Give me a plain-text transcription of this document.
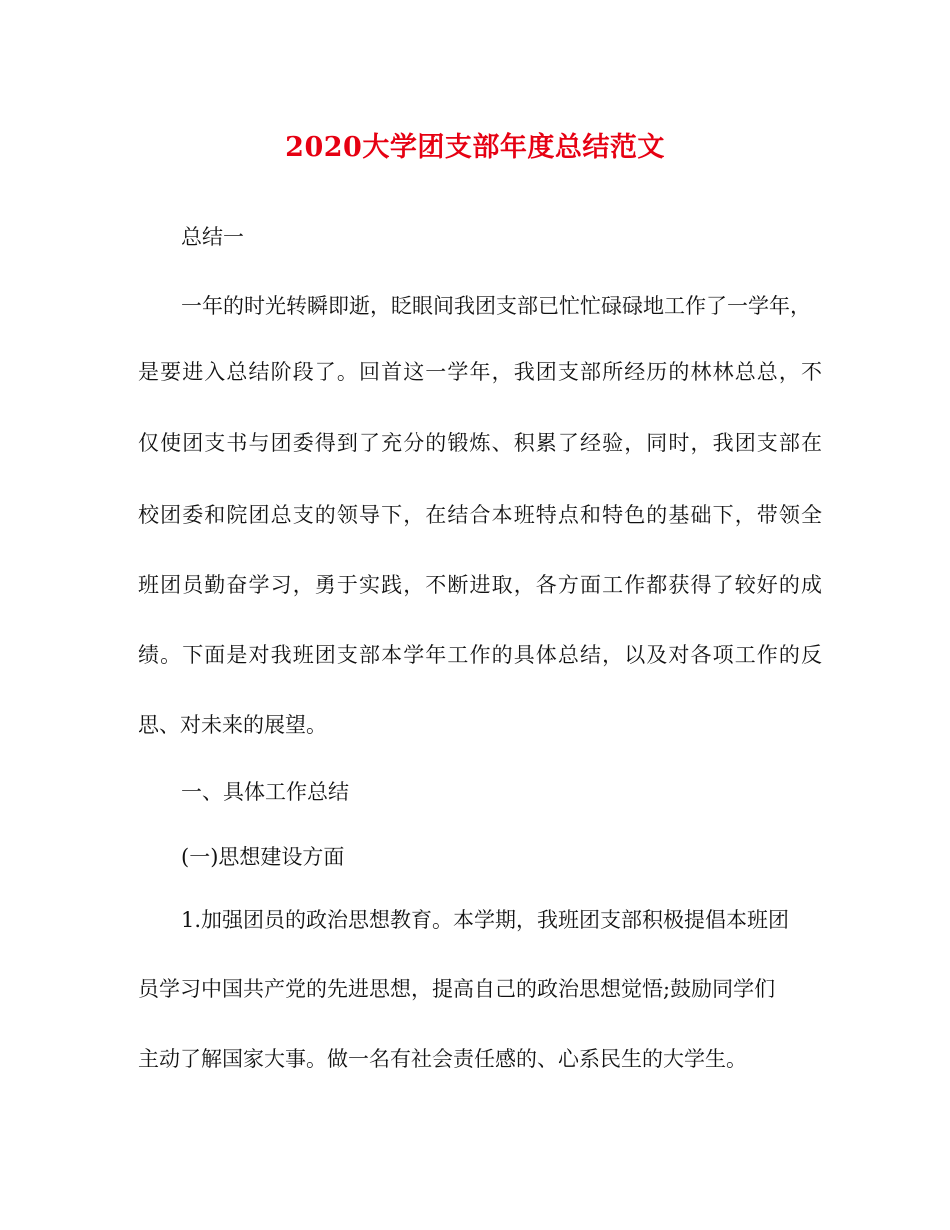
2020大学团支部年度总结范文
总结一
一年的时光转瞬即逝，眨眼间我团支部已忙忙碌碌地工作了一学年，
是要进入总结阶段了。回首这一学年，我团支部所经历的林林总总，不
仅使团支书与团委得到了充分的锻炼、积累了经验，同时，我团支部在
校团委和院团总支的领导下，在结合本班特点和特色的基础下，带领全
班团员勤奋学习，勇于实践，不断进取，各方面工作都获得了较好的成
绩。下面是对我班团支部本学年工作的具体总结，以及对各项工作的反
思、对未来的展望。
一、具体工作总结
(一)思想建设方面
1.加强团员的政治思想教育。本学期，我班团支部积极提倡本班团
员学习中国共产党的先进思想，提高自己的政治思想觉悟;鼓励同学们
主动了解国家大事。做一名有社会责任感的、心系民生的大学生。
